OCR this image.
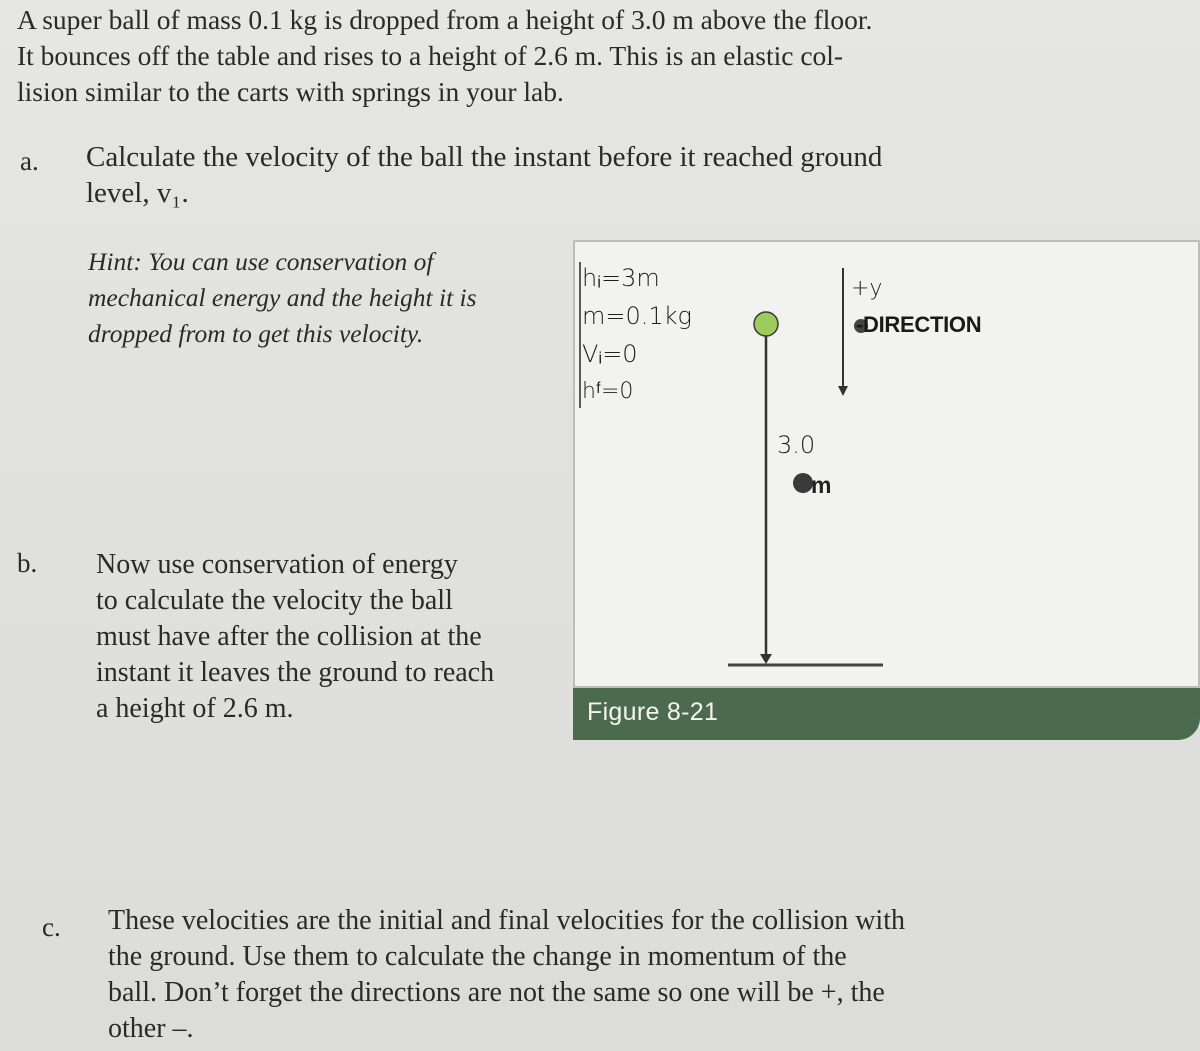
A super ball of mass 0.1 kg is dropped from a height of 3.0 m above the floor.
It bounces off the table and rises to a height of 2.6 m. This is an elastic col-
lision similar to the carts with springs in your lab.
a. Calculate the velocity of the ball the instant before it reached ground
level, v₁.
Hint: You can use conservation of
mechanical energy and the height it is
dropped from to get this velocity.
Figure 8-21
hᵢ=3m
m=0.1kg
Vᵢ=0
hᶠ=0
+y
-DIRECTION
3.0
m
b. Now use conservation of energy
to calculate the velocity the ball
must have after the collision at the
instant it leaves the ground to reach
a height of 2.6 m.
c. These velocities are the initial and final velocities for the collision with
the ground. Use them to calculate the change in momentum of the
ball. Don’t forget the directions are not the same so one will be +, the
other –.
